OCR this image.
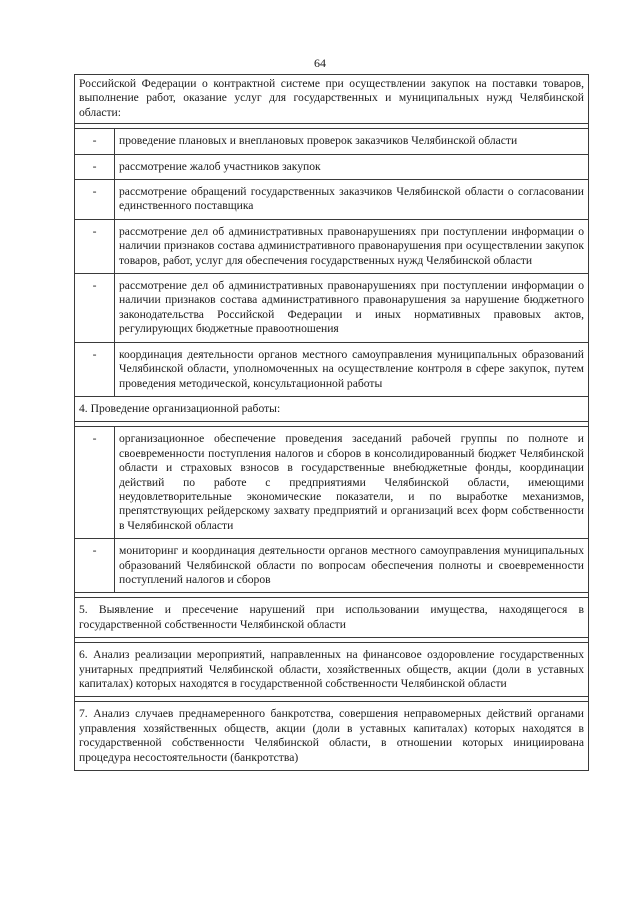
64
Российской Федерации о контрактной системе при осуществлении закупок на поставки товаров, выполнение работ, оказание услуг для государственных и муниципальных нужд Челябинской области:	

-	проведение плановых и внеплановых проверок заказчиков Челябинской области
-	рассмотрение жалоб участников закупок
-	рассмотрение обращений государственных заказчиков Челябинской области о согласовании единственного поставщика
-	рассмотрение дел об административных правонарушениях при поступлении информации о наличии признаков состава административного правонарушения при осуществлении закупок товаров, работ, услуг для обеспечения государственных нужд Челябинской области
-	рассмотрение дел об административных правонарушениях при поступлении информации о наличии признаков состава административного правонарушения за нарушение бюджетного законодательства Российской Федерации и иных нормативных правовых актов, регулирующих бюджетные правоотношения
-	координация деятельности органов местного самоуправления муниципальных образований Челябинской области, уполномоченных на осуществление контроля в сфере закупок, путем проведения методической, консультационной работы
4. Проведение организационной работы:	

-	организационное обеспечение проведения заседаний рабочей группы по полноте и своевременности поступления налогов и сборов в консолидированный бюджет Челябинской области и страховых взносов в государственные внебюджетные фонды, координации действий по работе с предприятиями Челябинской области, имеющими неудовлетворительные экономические показатели, и по выработке механизмов, препятствующих рейдерскому захвату предприятий и организаций всех форм собственности в Челябинской области
-	мониторинг и координация деятельности органов местного самоуправления муниципальных образований Челябинской области по вопросам обеспечения полноты и своевременности поступлений налогов и сборов

5. Выявление и пресечение нарушений при использовании имущества, находящегося в государственной собственности Челябинской области	

6. Анализ реализации мероприятий, направленных на финансовое оздоровление государственных унитарных предприятий Челябинской области, хозяйственных обществ, акции (доли в уставных капиталах) которых находятся в государственной собственности Челябинской области	

7. Анализ случаев преднамеренного банкротства, совершения неправомерных действий органами управления хозяйственных обществ, акции (доли в уставных капиталах) которых находятся в государственной собственности Челябинской области, в отношении которых инициирована процедура несостоятельности (банкротства)	
